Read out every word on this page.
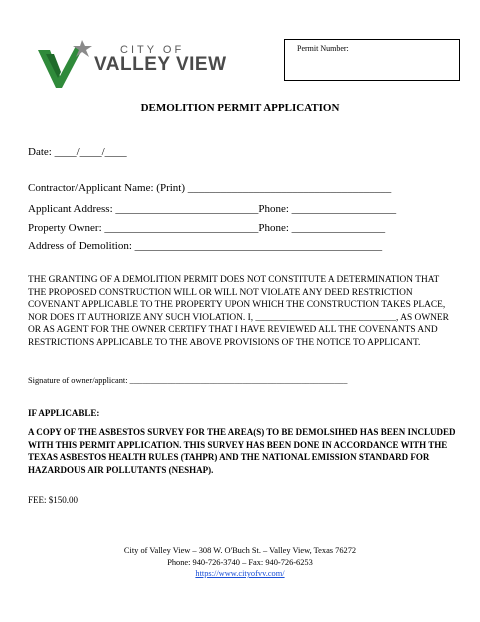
CITY OF
VALLEY VIEW
Permit Number:
DEMOLITION PERMIT APPLICATION
Date: ____/____/____
Contractor/Applicant Name: (Print) _____________________________________
Applicant Address: __________________________Phone: ___________________
Property Owner: ____________________________Phone: _________________
Address of Demolition: _____________________________________________
THE GRANTING OF A DEMOLITION PERMIT DOES NOT CONSTITUTE A DETERMINATION THAT THE PROPOSED CONSTRUCTION WILL OR WILL NOT VIOLATE ANY DEED RESTRICTION COVENANT APPLICABLE TO THE PROPERTY UPON WHICH THE CONSTRUCTION TAKES PLACE, NOR DOES IT AUTHORIZE ANY SUCH VIOLATION. I, ______________________________, AS OWNER OR AS AGENT FOR THE OWNER CERTIFY THAT I HAVE REVIEWED ALL THE COVENANTS AND RESTRICTIONS APPLICABLE TO THE ABOVE PROVISIONS OF THE NOTICE TO APPLICANT.
Signature of owner/applicant: ____________________________________________________
IF APPLICABLE:
A COPY OF THE ASBESTOS SURVEY FOR THE AREA(S) TO BE DEMOLSIHED HAS BEEN INCLUDED WITH THIS PERMIT APPLICATION. THIS SURVEY HAS BEEN DONE IN ACCORDANCE WITH THE TEXAS ASBESTOS HEALTH RULES (TAHPR) AND THE NATIONAL EMISSION STANDARD FOR HAZARDOUS AIR POLLUTANTS (NESHAP).
FEE: $150.00
City of Valley View – 308 W. O'Buch St. – Valley View, Texas 76272
Phone: 940-726-3740 – Fax: 940-726-6253
https://www.cityofvv.com/
